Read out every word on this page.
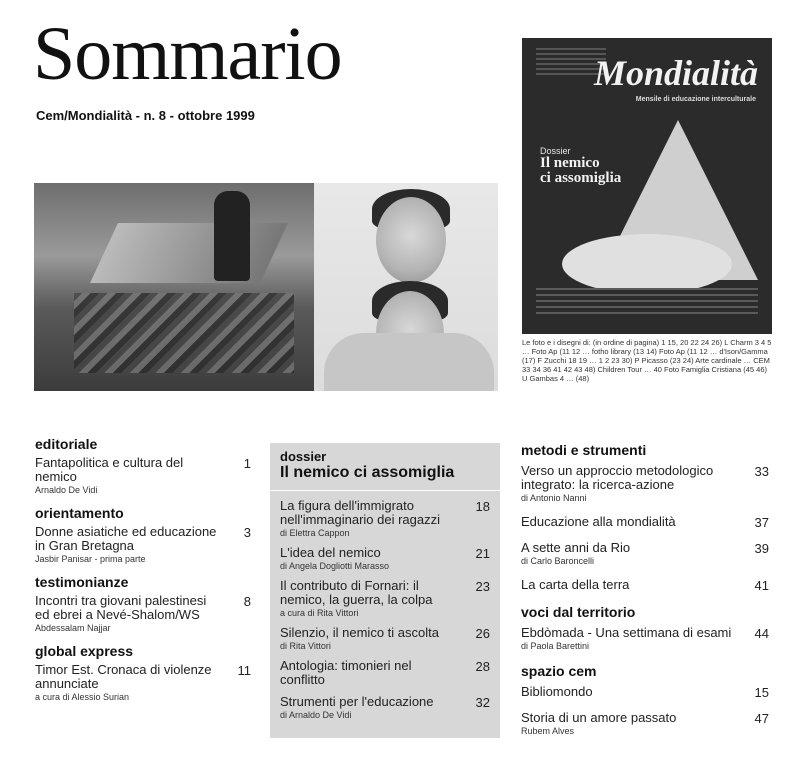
Sommario
Cem/Mondialità - n. 8 - ottobre 1999
Mondialità
Mensile di educazione interculturale
Dossier
Il nemico
ci assomiglia
Le foto e i disegni di: (in ordine di pagina) 1 15, 20 22 24 26) L Charm 3 4 5 … Foto Ap (11 12 … fotho library (13 14) Foto Ap (11 12 … d'Ison/Gamma (17) F Zucchi 18 19 … 1 2 23 30) P Picasso (23 24) Arte cardinale … CEM 33 34 36 41 42 43 48) Children Tour … 40 Foto Famiglia Cristiana (45 46) U Gambas 4 … (48)
editoriale
Fantapolitica e cultura del nemico
Arnaldo De Vidi
1
orientamento
Donne asiatiche ed educazione in Gran Bretagna
Jasbir Panisar - prima parte
3
testimonianze
Incontri tra giovani palestinesi ed ebrei a Nevé-Shalom/WS
Abdessalam Najjar
8
global express
Timor Est. Cronaca di violenze annunciate
a cura di Alessio Surian
11
dossier
Il nemico ci assomiglia
La figura dell'immigrato nell'immaginario dei ragazzi
di Elettra Cappon
18
L'idea del nemico
di Angela Dogliotti Marasso
21
Il contributo di Fornari: il nemico, la guerra, la colpa
a cura di Rita Vittori
23
Silenzio, il nemico ti ascolta
di Rita Vittori
26
Antologia: timonieri nel conflitto
28
Strumenti per l'educazione
di Arnaldo De Vidi
32
metodi e strumenti
Verso un approccio metodologico integrato: la ricerca-azione
di Antonio Nanni
33
Educazione alla mondialità	37
A sette anni da Rio
di Carlo Baroncelli
39
La carta della terra	41
voci dal territorio
Ebdòmada - Una settimana di esami
di Paola Barettini
44
spazio cem
Bibliomondo	15
Storia di un amore passato
Rubem Alves
47
